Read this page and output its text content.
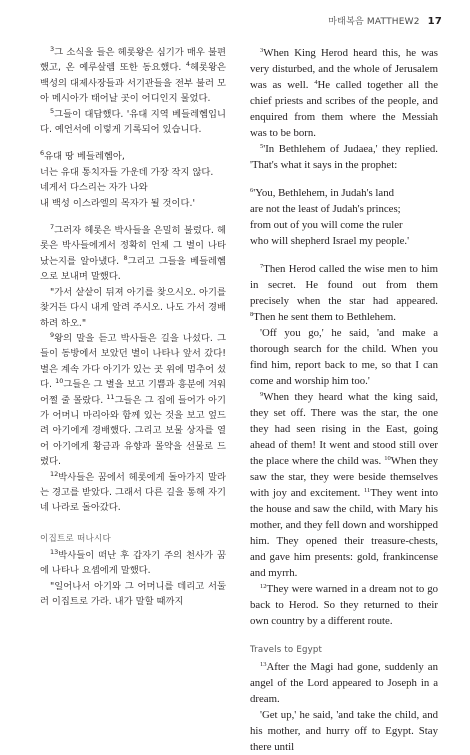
마태복음 MATTHEW2 17

$^3$그 소식을 들은 헤롯왕은 심기가 매우 불편했고, 온 예루살렘 또한 동요했다. $^4$헤롯왕은 백성의 대제사장들과 서기관들을 전부 불러 모아 메시아가 태어날 곳이 어디인지 물었다.

$^5$그들이 대답했다. '유대 지역 베들레헴입니다. 예언서에 이렇게 기록되어 있습니다.

$^6$유대 땅 베들레헴아,
너는 유대 통치자들 가운데 가장 작지 않다.
네게서 다스리는 자가 나와
내 백성 이스라엘의 목자가 될 것이다.'

$^7$그러자 헤롯은 박사들을 은밀히 불렀다. 헤롯은 박사들에게서 정확히 언제 그 별이 나타났는지를 알아냈다. $^8$그리고 그들을 베들레헴으로 보내며 말했다.

"가서 샅샅이 뒤져 아기를 찾으시오. 아기를 찾거든 다시 내게 알려 주시오. 나도 가서 경배하려 하오."

$^9$왕의 말을 듣고 박사들은 길을 나섰다. 그들이 동방에서 보았던 별이 나타나 앞서 갔다! 별은 계속 가다 아기가 있는 곳 위에 멈추어 섰다. $^{10}$그들은 그 별을 보고 기쁨과 흥분에 겨워 어쩔 줄 몰랐다. $^{11}$그들은 그 집에 들어가 아기가 어머니 마리아와 함께 있는 것을 보고 엎드려 아기에게 경배했다. 그리고 보물 상자를 열어 아기에게 황금과 유향과 몰약을 선물로 드렸다.

$^{12}$박사들은 꿈에서 헤롯에게 돌아가지 말라는 경고를 받았다. 그래서 다른 길을 통해 자기네 나라로 돌아갔다.

이집트로 떠나시다

$^{13}$박사들이 떠난 후 갑자기 주의 천사가 꿈에 나타나 요셉에게 말했다.

"일어나서 아기와 그 어머니를 데리고 서둘러 이집트로 가라. 내가 말할 때까지

$^3$When King Herod heard this, he was very disturbed, and the whole of Jerusalem was as well. $^4$He called together all the chief priests and scribes of the people, and enquired from them where the Messiah was to be born.

$^5$'In Bethlehem of Judaea,' they replied. 'That's what it says in the prophet:

$^6$'You, Bethlehem, in Judah's land
are not the least of Judah's princes;
from out of you will come the ruler
who will shepherd Israel my people.'

$^7$Then Herod called the wise men to him in secret. He found out from them precisely when the star had appeared. $^8$Then he sent them to Bethlehem.

'Off you go,' he said, 'and make a thorough search for the child. When you find him, report back to me, so that I can come and worship him too.'

$^9$When they heard what the king said, they set off. There was the star, the one they had seen rising in the East, going ahead of them! It went and stood still over the place where the child was. $^{10}$When they saw the star, they were beside themselves with joy and excitement. $^{11}$They went into the house and saw the child, with Mary his mother, and they fell down and worshipped him. They opened their treasure-chests, and gave him presents: gold, frankincense and myrrh.

$^{12}$They were warned in a dream not to go back to Herod. So they returned to their own country by a different route.

Travels to Egypt

$^{13}$After the Magi had gone, suddenly an angel of the Lord appeared to Joseph in a dream.

'Get up,' he said, 'and take the child, and his mother, and hurry off to Egypt. Stay there until
